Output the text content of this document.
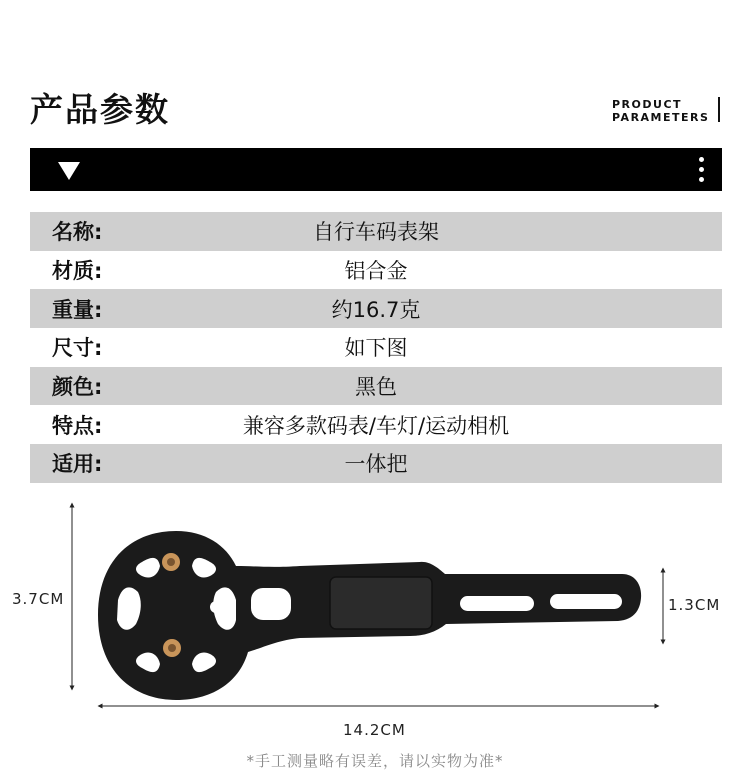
产品参数	PRODUCT
PARAMETERS
名称:	自行车码表架
材质:	铝合金
重量:	约16.7克
尺寸:	如下图
颜色:	黑色
特点:	兼容多款码表/车灯/运动相机
适用:	一体把
3.7CM	1.3CM
14.2CM
*手工测量略有误差，请以实物为准*
